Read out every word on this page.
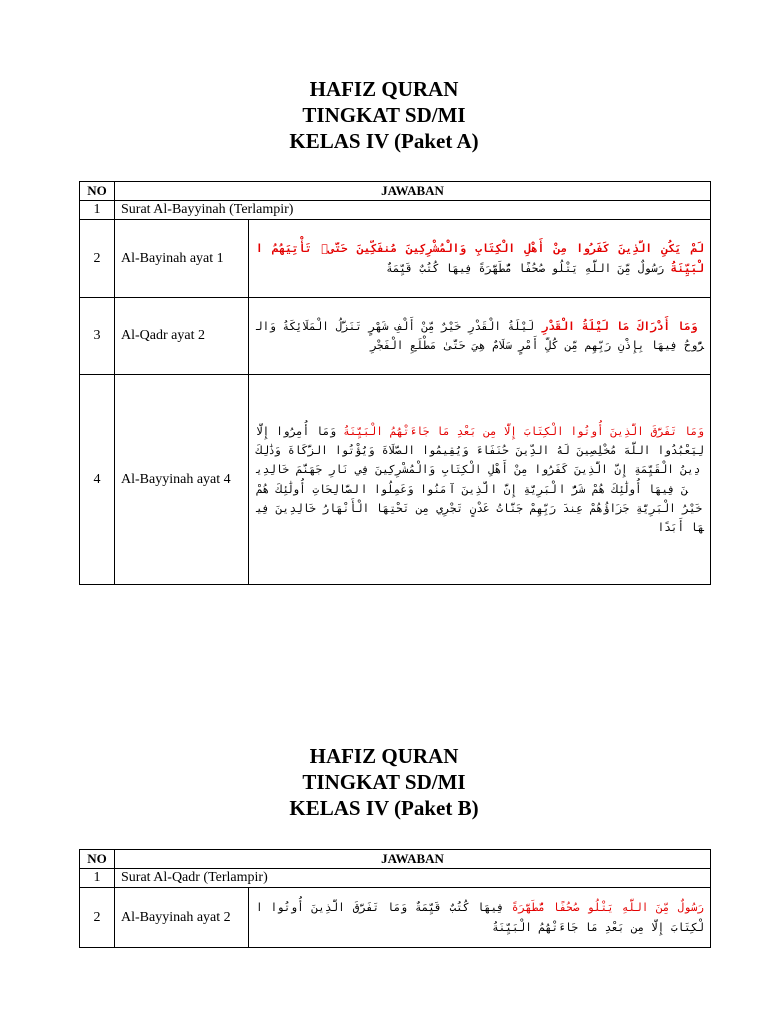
HAFIZ QURAN
TINGKAT SD/MI
KELAS IV (Paket A)
NO	JAWABAN	
1	Surat Al-Bayyinah (Terlampir)	
2	Al-Bayinah ayat 1	لَمْ يَكُنِ الَّذِينَ كَفَرُوا مِنْ أَهْلِ الْكِتَابِ وَالْمُشْرِكِينَ مُنفَكِّينَ حَتَّىٰ تَأْتِيَهُمُ الْبَيِّنَةُ رَسُولٌ مِّنَ اللَّهِ يَتْلُو صُحُفًا مُّطَهَّرَةً فِيهَا كُتُبٌ قَيِّمَةٌ
3	Al-Qadr ayat 2	وَمَا أَدْرَاكَ مَا لَيْلَةُ الْقَدْرِ لَيْلَةُ الْقَدْرِ خَيْرٌ مِّنْ أَلْفِ شَهْرٍ تَنَزَّلُ الْمَلَائِكَةُ وَالرُّوحُ فِيهَا بِإِذْنِ رَبِّهِم مِّن كُلِّ أَمْرٍ سَلَامٌ هِيَ حَتَّىٰ مَطْلَعِ الْفَجْرِ
4	Al-Bayyinah ayat 4	وَمَا تَفَرَّقَ الَّذِينَ أُوتُوا الْكِتَابَ إِلَّا مِن بَعْدِ مَا جَاءَتْهُمُ الْبَيِّنَةُ وَمَا أُمِرُوا إِلَّا لِيَعْبُدُوا اللَّهَ مُخْلِصِينَ لَهُ الدِّينَ حُنَفَاءَ وَيُقِيمُوا الصَّلَاةَ وَيُؤْتُوا الزَّكَاةَ وَذَٰلِكَ دِينُ الْقَيِّمَةِ إِنَّ الَّذِينَ كَفَرُوا مِنْ أَهْلِ الْكِتَابِ وَالْمُشْرِكِينَ فِي نَارِ جَهَنَّمَ خَالِدِينَ فِيهَا أُولَٰئِكَ هُمْ شَرُّ الْبَرِيَّةِ إِنَّ الَّذِينَ آمَنُوا وَعَمِلُوا الصَّالِحَاتِ أُولَٰئِكَ هُمْ خَيْرُ الْبَرِيَّةِ جَزَاؤُهُمْ عِندَ رَبِّهِمْ جَنَّاتُ عَدْنٍ تَجْرِي مِن تَحْتِهَا الْأَنْهَارُ خَالِدِينَ فِيهَا أَبَدًا
HAFIZ QURAN
TINGKAT SD/MI
KELAS IV (Paket B)
NO	JAWABAN	
1	Surat Al-Qadr (Terlampir)	
2	Al-Bayyinah ayat 2	رَسُولٌ مِّنَ اللَّهِ يَتْلُو صُحُفًا مُّطَهَّرَةً فِيهَا كُتُبٌ قَيِّمَةٌ وَمَا تَفَرَّقَ الَّذِينَ أُوتُوا الْكِتَابَ إِلَّا مِن بَعْدِ مَا جَاءَتْهُمُ الْبَيِّنَةُ
